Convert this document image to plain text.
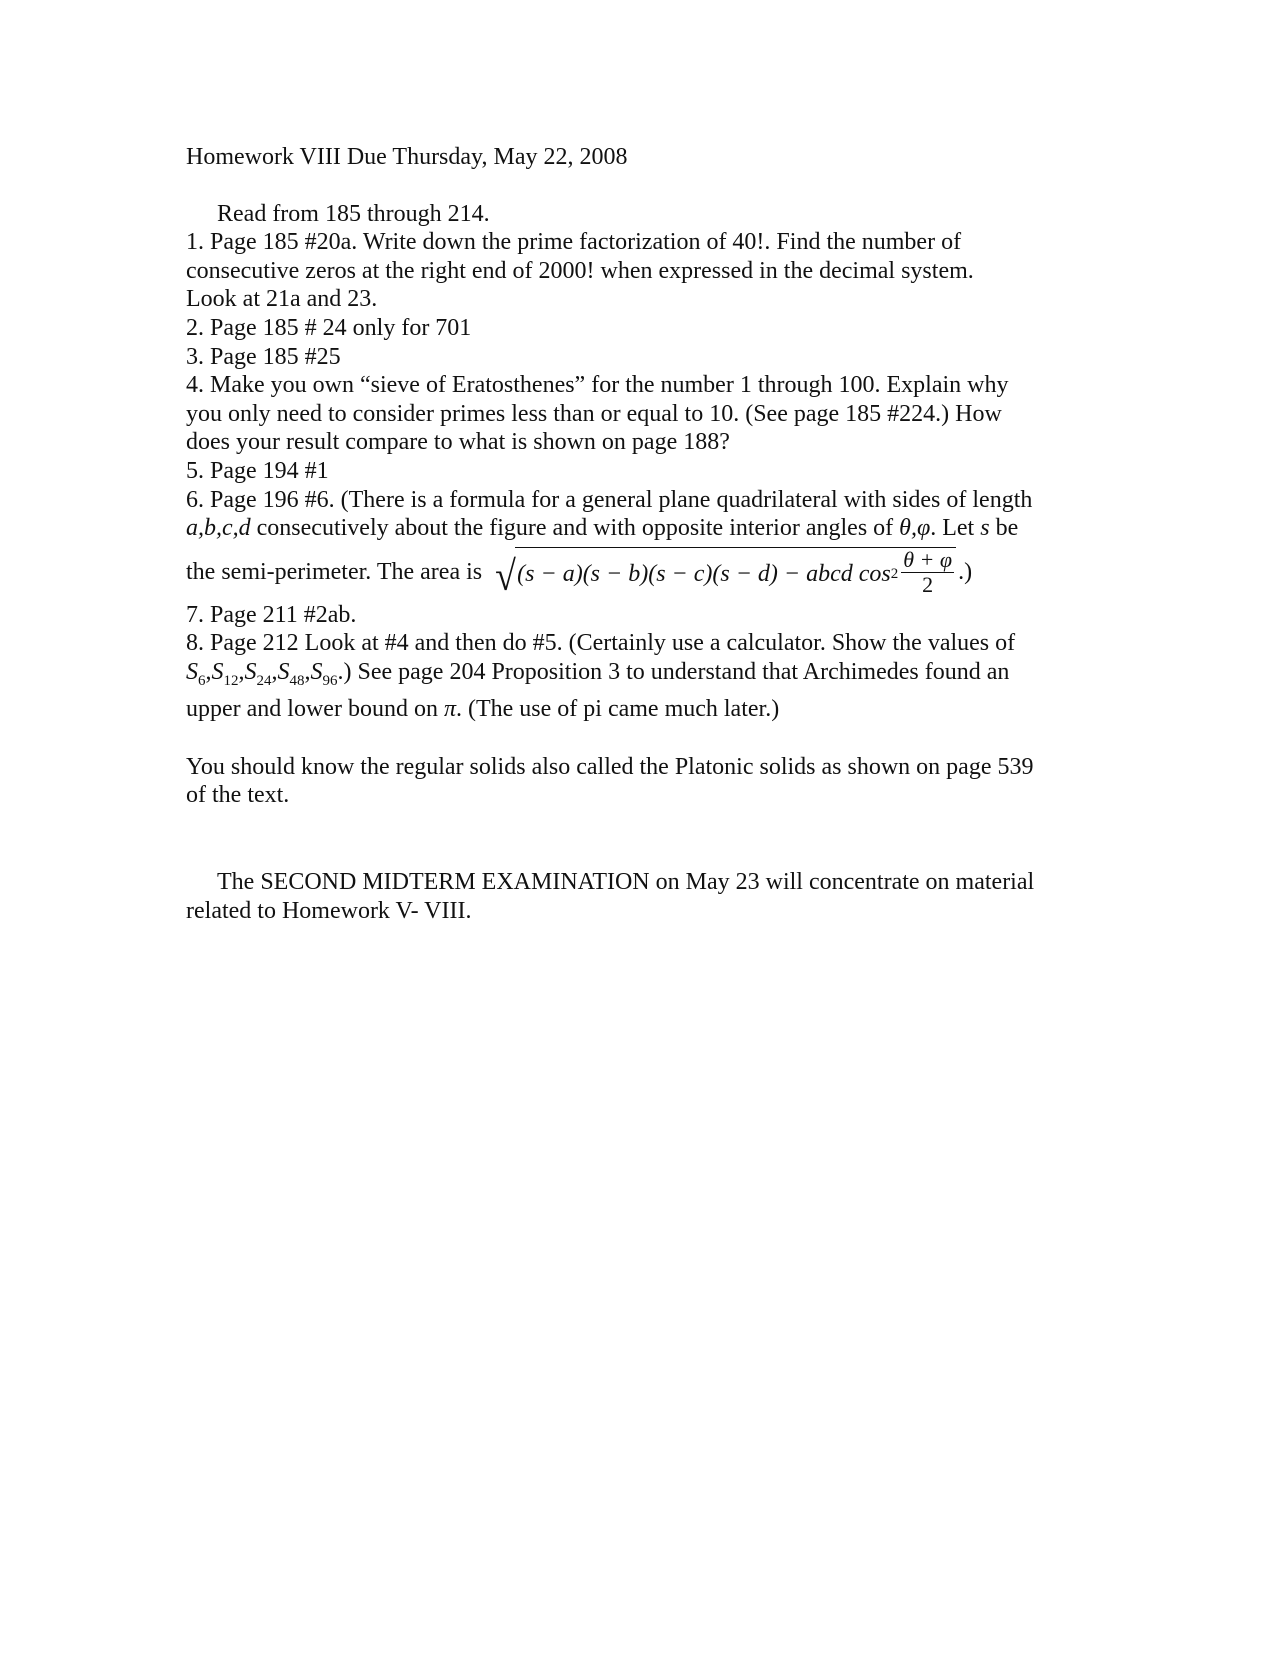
Homework VIII Due Thursday, May 22, 2008
Read from 185 through 214.
1. Page 185 #20a. Write down the prime factorization of 40!. Find the number of
consecutive zeros at the right end of 2000! when expressed in the decimal system.
Look at 21a and 23.
2. Page 185 # 24 only for 701
3. Page 185 #25
4. Make you own “sieve of Eratosthenes” for the number 1 through 100. Explain why
you only need to consider primes less than or equal to 10. (See page 185 #224.) How
does your result compare to what is shown on page 188?
5. Page 194 #1
6. Page 196 #6. (There is a formula for a general plane quadrilateral with sides of length
a,b,c,d consecutively about the figure and with opposite interior angles of θ,φ. Let s be
the semi-perimeter. The area is √ (s − a)(s − b)(s − c)(s − d) − abcd $\cos 2 \frac{\theta + \varphi}{2}$ .)
7. Page 211 #2ab.
8. Page 212 Look at #4 and then do #5. (Certainly use a calculator. Show the values of
$S_6,S_{12},S_{24},S_{48},S_{96}$.) See page 204 Proposition 3 to understand that Archimedes found an
upper and lower bound on π. (The use of pi came much later.)
You should know the regular solids also called the Platonic solids as shown on page 539
of the text.
The SECOND MIDTERM EXAMINATION on May 23 will concentrate on material
related to Homework V- VIII.
